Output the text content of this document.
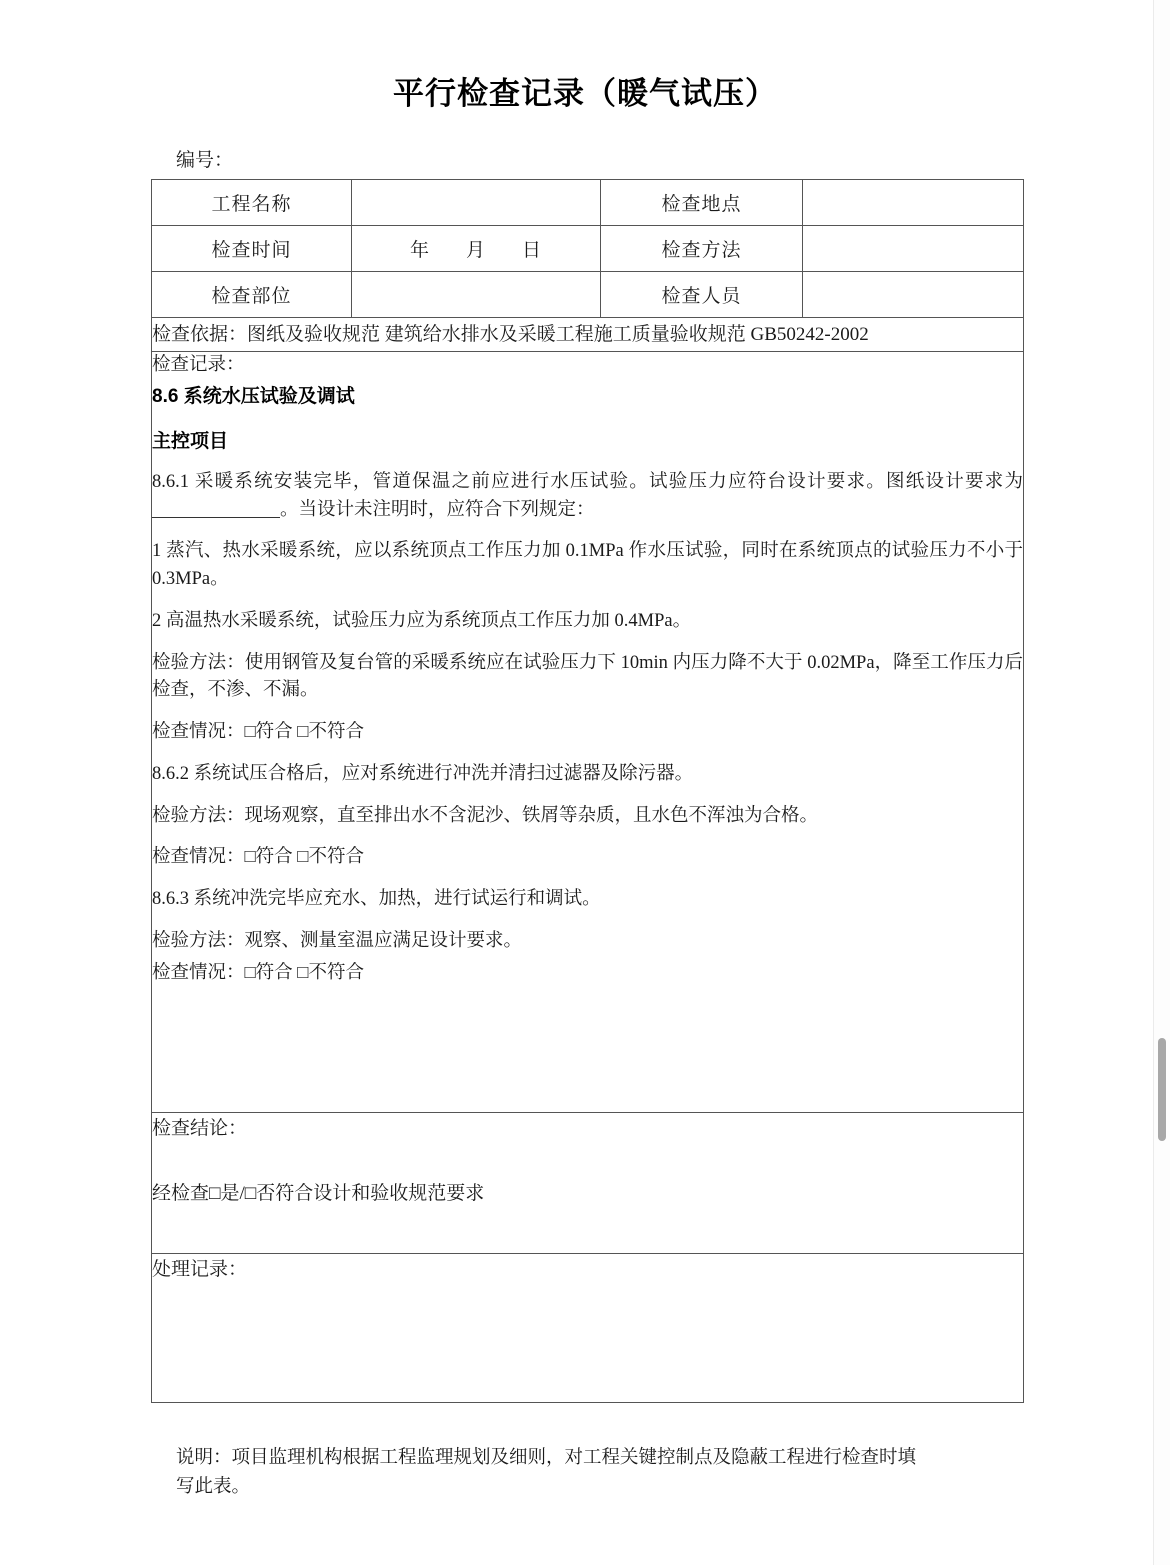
平行检查记录（暖气试压）
编号：
工程名称		检查地点	
检查时间	年 月 日	检查方法	
检查部位		检查人员	
检查依据：图纸及验收规范 建筑给水排水及采暖工程施工质量验收规范 GB50242-2002			

检查记录：

8.6 系统水压试验及调试

主控项目

8.6.1 采暖系统安装完毕，管道保温之前应进行水压试验。试验压力应符台设计要求。图纸设计要求为。当设计未注明时，应符合下列规定：

1 蒸汽、热水采暖系统，应以系统顶点工作压力加 0.1MPa 作水压试验，同时在系统顶点的试验压力不小于 0.3MPa。

2 高温热水采暖系统，试验压力应为系统顶点工作压力加 0.4MPa。

检验方法：使用钢管及复台管的采暖系统应在试验压力下 10min 内压力降不大于 0.02MPa，降至工作压力后检查，不渗、不漏。

检查情况：□符合 □不符合

8.6.2 系统试压合格后，应对系统进行冲洗并清扫过滤器及除污器。

检验方法：现场观察，直至排出水不含泥沙、铁屑等杂质，且水色不浑浊为合格。

检查情况：□符合 □不符合

8.6.3 系统冲洗完毕应充水、加热，进行试运行和调试。

检验方法：观察、测量室温应满足设计要求。

检查情况：□符合 □不符合

检查结论：

经检查□是/□否符合设计和验收规范要求			

处理记录：			

说明：项目监理机构根据工程监理规划及细则，对工程关键控制点及隐蔽工程进行检查时填
写此表。
